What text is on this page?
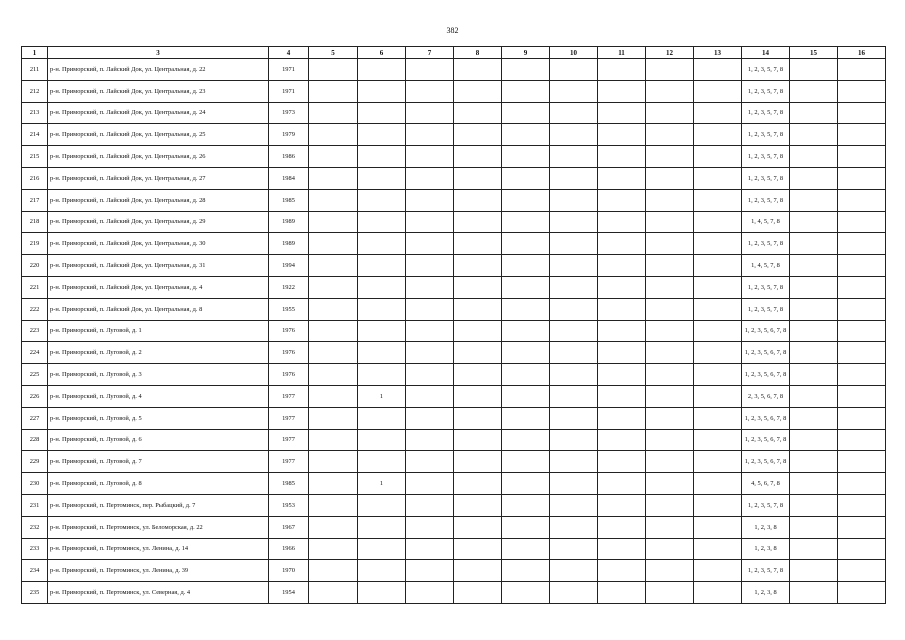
382
1	3	4	5	6	7	8	9	10	11	12	13	14	15	16
211	р-н. Приморский, п. Лайский Док, ул. Центральная, д. 22	1971										1, 2, 3, 5, 7, 8		
212	р-н. Приморский, п. Лайский Док, ул. Центральная, д. 23	1971										1, 2, 3, 5, 7, 8		
213	р-н. Приморский, п. Лайский Док, ул. Центральная, д. 24	1973										1, 2, 3, 5, 7, 8		
214	р-н. Приморский, п. Лайский Док, ул. Центральная, д. 25	1979										1, 2, 3, 5, 7, 8		
215	р-н. Приморский, п. Лайский Док, ул. Центральная, д. 26	1986										1, 2, 3, 5, 7, 8		
216	р-н. Приморский, п. Лайский Док, ул. Центральная, д. 27	1984										1, 2, 3, 5, 7, 8		
217	р-н. Приморский, п. Лайский Док, ул. Центральная, д. 28	1985										1, 2, 3, 5, 7, 8		
218	р-н. Приморский, п. Лайский Док, ул. Центральная, д. 29	1989										1, 4, 5, 7, 8		
219	р-н. Приморский, п. Лайский Док, ул. Центральная, д. 30	1989										1, 2, 3, 5, 7, 8		
220	р-н. Приморский, п. Лайский Док, ул. Центральная, д. 31	1994										1, 4, 5, 7, 8		
221	р-н. Приморский, п. Лайский Док, ул. Центральная, д. 4	1922										1, 2, 3, 5, 7, 8		
222	р-н. Приморский, п. Лайский Док, ул. Центральная, д. 8	1955										1, 2, 3, 5, 7, 8		
223	р-н. Приморский, п. Луговой, д. 1	1976										1, 2, 3, 5, 6, 7, 8		
224	р-н. Приморский, п. Луговой, д. 2	1976										1, 2, 3, 5, 6, 7, 8		
225	р-н. Приморский, п. Луговой, д. 3	1976										1, 2, 3, 5, 6, 7, 8		
226	р-н. Приморский, п. Луговой, д. 4	1977		1								2, 3, 5, 6, 7, 8		
227	р-н. Приморский, п. Луговой, д. 5	1977										1, 2, 3, 5, 6, 7, 8		
228	р-н. Приморский, п. Луговой, д. 6	1977										1, 2, 3, 5, 6, 7, 8		
229	р-н. Приморский, п. Луговой, д. 7	1977										1, 2, 3, 5, 6, 7, 8		
230	р-н. Приморский, п. Луговой, д. 8	1985		1								4, 5, 6, 7, 8		
231	р-н. Приморский, п. Пертоминск, пер. Рыбацкий, д. 7	1953										1, 2, 3, 5, 7, 8		
232	р-н. Приморский, п. Пертоминск, ул. Беломорская, д. 22	1967										1, 2, 3, 8		
233	р-н. Приморский, п. Пертоминск, ул. Ленина, д. 14	1966										1, 2, 3, 8		
234	р-н. Приморский, п. Пертоминск, ул. Ленина, д. 39	1970										1, 2, 3, 5, 7, 8		
235	р-н. Приморский, п. Пертоминск, ул. Северная, д. 4	1954										1, 2, 3, 8		
